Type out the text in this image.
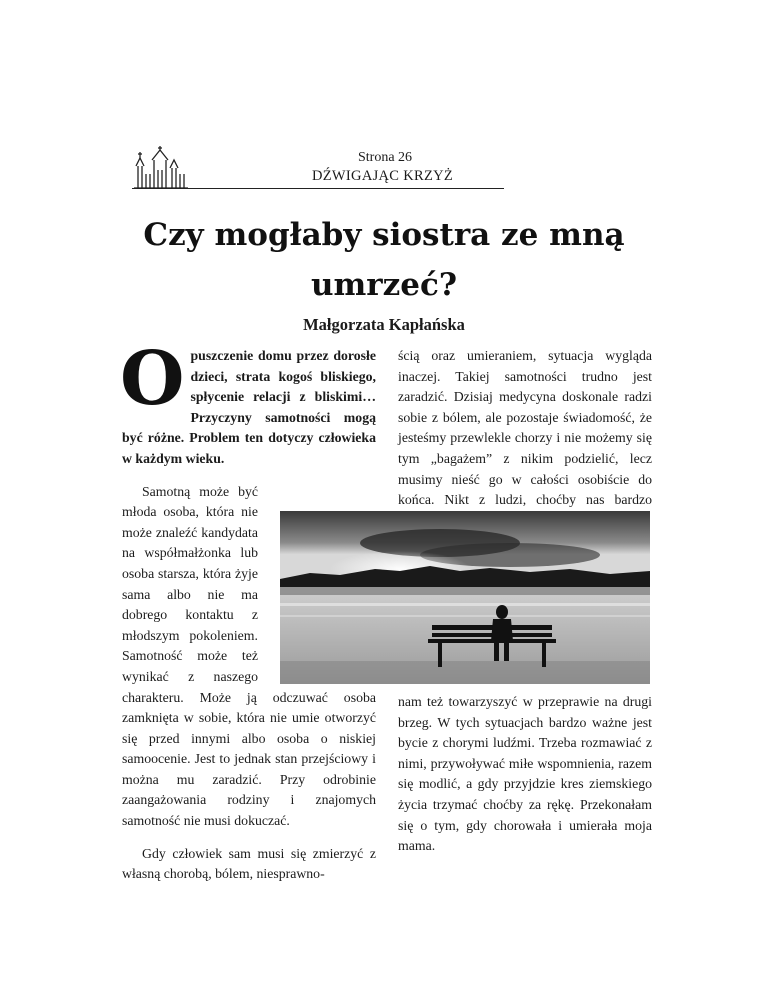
Strona 26
DŹWIGAJĄC KRZYŻ
Czy mogłaby siostra ze mną umrzeć?
Małgorzata Kapłańska

Opuszczenie domu przez dorosłe dzieci, strata kogoś bliskiego, spłycenie relacji z bliskimi… Przyczyny samotności mogą być różne. Problem ten dotyczy człowieka w każdym wieku.

Samotną może być młoda osoba, która nie może znaleźć kandydata na współmałżonka lub osoba starsza, która żyje sama albo nie ma dobrego kontaktu z młodszym pokoleniem. Samotność może też wynikać z naszego charakteru. Może ją odczuwać osoba zamknięta w sobie, która nie umie otworzyć się przed innymi albo osoba o niskiej samoocenie. Jest to jednak stan przejściowy i można mu zaradzić. Przy odrobinie zaangażowania rodziny i znajomych samotność nie musi dokuczać.

Gdy człowiek sam musi się zmierzyć z własną chorobą, bólem, niesprawno-

ścią oraz umieraniem, sytuacja wygląda inaczej. Takiej samotności trudno jest zaradzić. Dzisiaj medycyna doskonale radzi sobie z bólem, ale pozostaje świadomość, że jesteśmy przewlekle chorzy i nie możemy się tym „bagażem” z nikim podzielić, lecz musimy nieść go w całości osobiście do końca. Nikt z ludzi, choćby nas bardzo

nam też towarzyszyć w przeprawie na drugi brzeg. W tych sytuacjach bardzo ważne jest bycie z chorymi ludźmi. Trzeba rozmawiać z nimi, przywoływać miłe wspomnienia, razem się modlić, a gdy przyjdzie kres ziemskiego życia trzymać choćby za rękę. Przekonałam się o tym, gdy chorowała i umierała moja mama.
